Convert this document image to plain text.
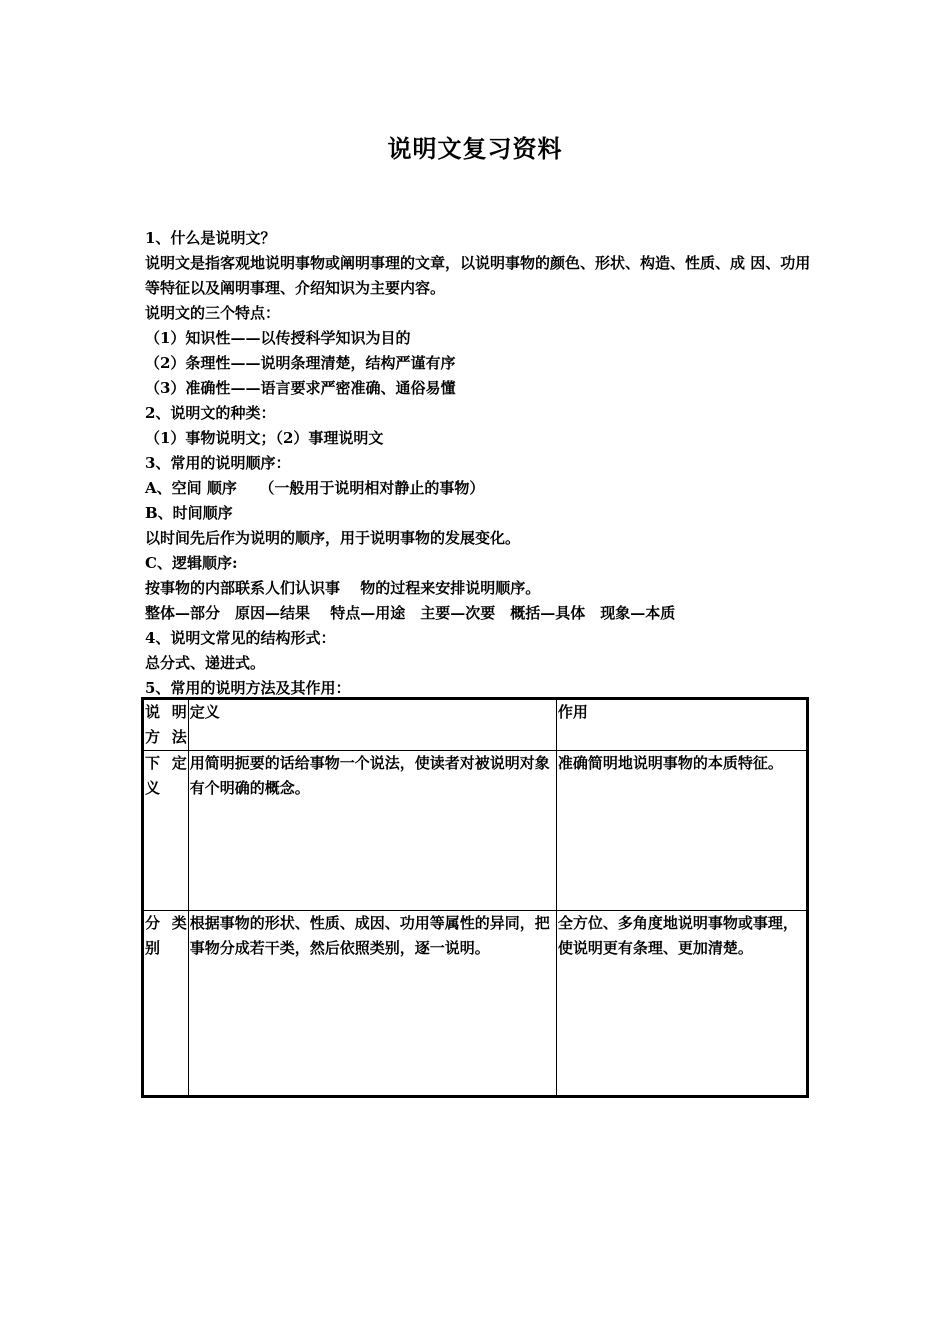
说明文复习资料
1、什么是说明文？
说明文是指客观地说明事物或阐明事理的文章，以说明事物的颜色、形状、构造、性质、成 因、功用等特征以及阐明事理、介绍知识为主要内容。
说明文的三个特点：
（1）知识性——以传授科学知识为目的
（2）条理性——说明条理清楚，结构严谨有序
（3）准确性——语言要求严密准确、通俗易懂
2、说明文的种类：
（1）事物说明文；（2）事理说明文
3、常用的说明顺序：
A、空间 顺序　　（一般用于说明相对静止的事物）
B、时间顺序
以时间先后作为说明的顺序，用于说明事物的发展变化。
C、逻辑顺序:
按事物的内部联系人们认识事　 物的过程来安排说明顺序。
整体—部分　原因—结果　 特点—用途　主要—次要　概括—具体　现象—本质
4、说明文常见的结构形式：
总分式、递进式。
5、常用的说明方法及其作用：
说 明方法	定义	作用
下 定义	用简明扼要的话给事物一个说法，使读者对被说明对象有个明确的概念。	准确简明地说明事物的本质特征。
分 类别	根据事物的形状、性质、成因、功用等属性的异同，把事物分成若干类，然后依照类别，逐一说明。	全方位、多角度地说明事物或事理，使说明更有条理、更加清楚。
